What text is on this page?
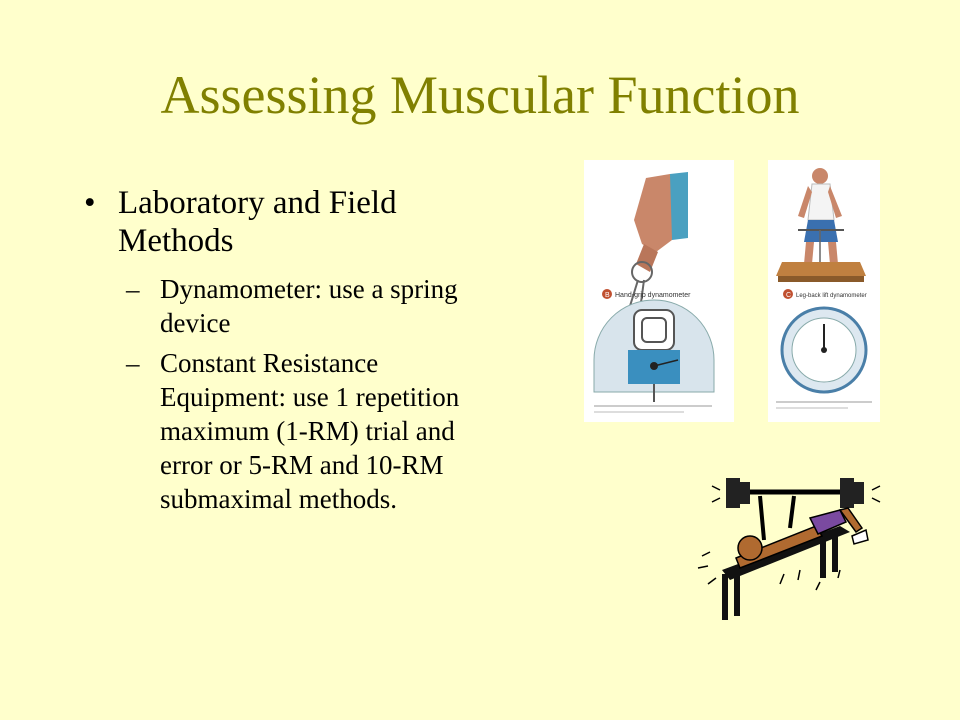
Assessing Muscular Function
• Laboratory and Field Methods
– Dynamometer: use a spring device
– Constant Resistance Equipment: use 1 repetition maximum (1-RM) trial and error or 5-RM and 10-RM submaximal methods.
B Hand-grip dynamometer	C Leg-back lift dynamometer
